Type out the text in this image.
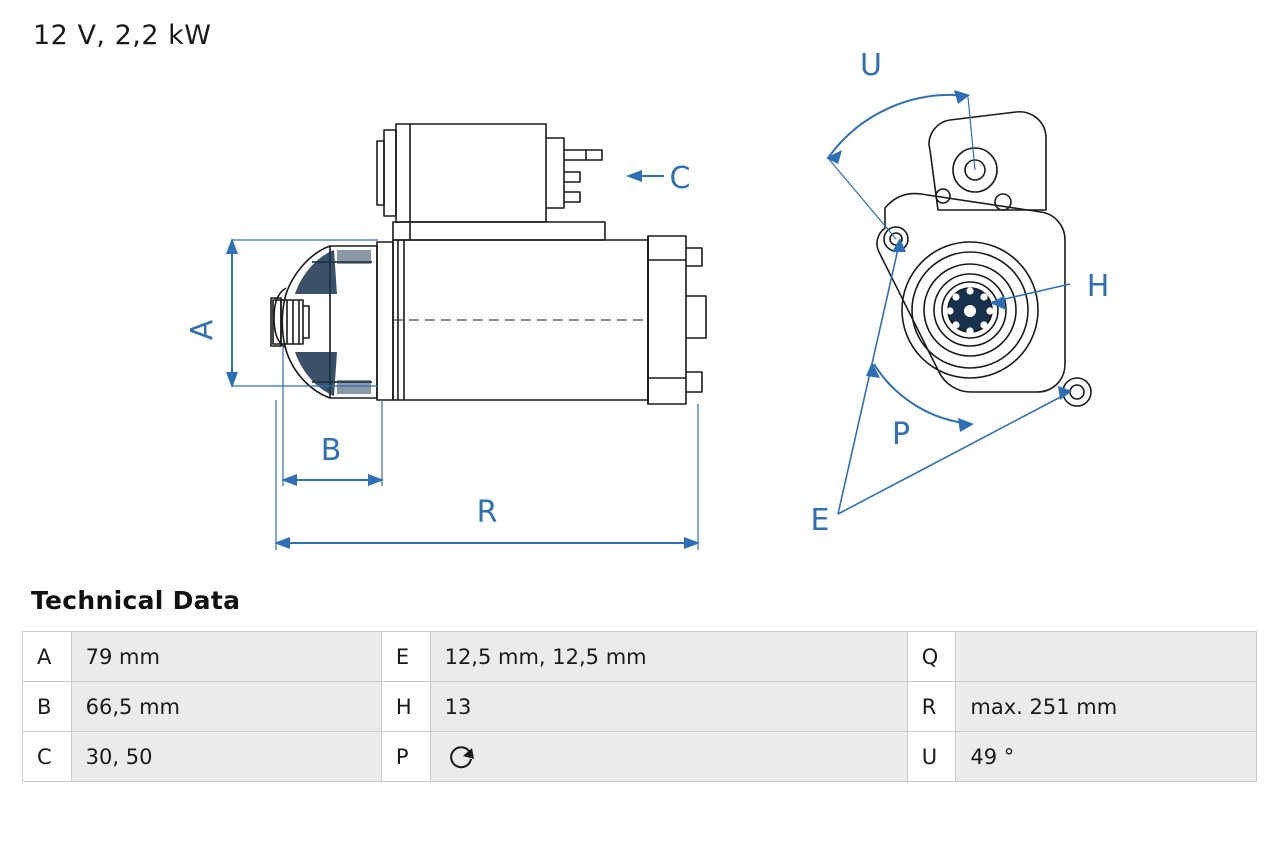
12 V, 2,2 kW
A
B
C
R
U
H
P
E
Technical Data
A	79 mm	E	12,5 mm, 12,5 mm	Q	
B	66,5 mm	H	13	R	max. 251 mm
C	30, 50	P		U	49 °
